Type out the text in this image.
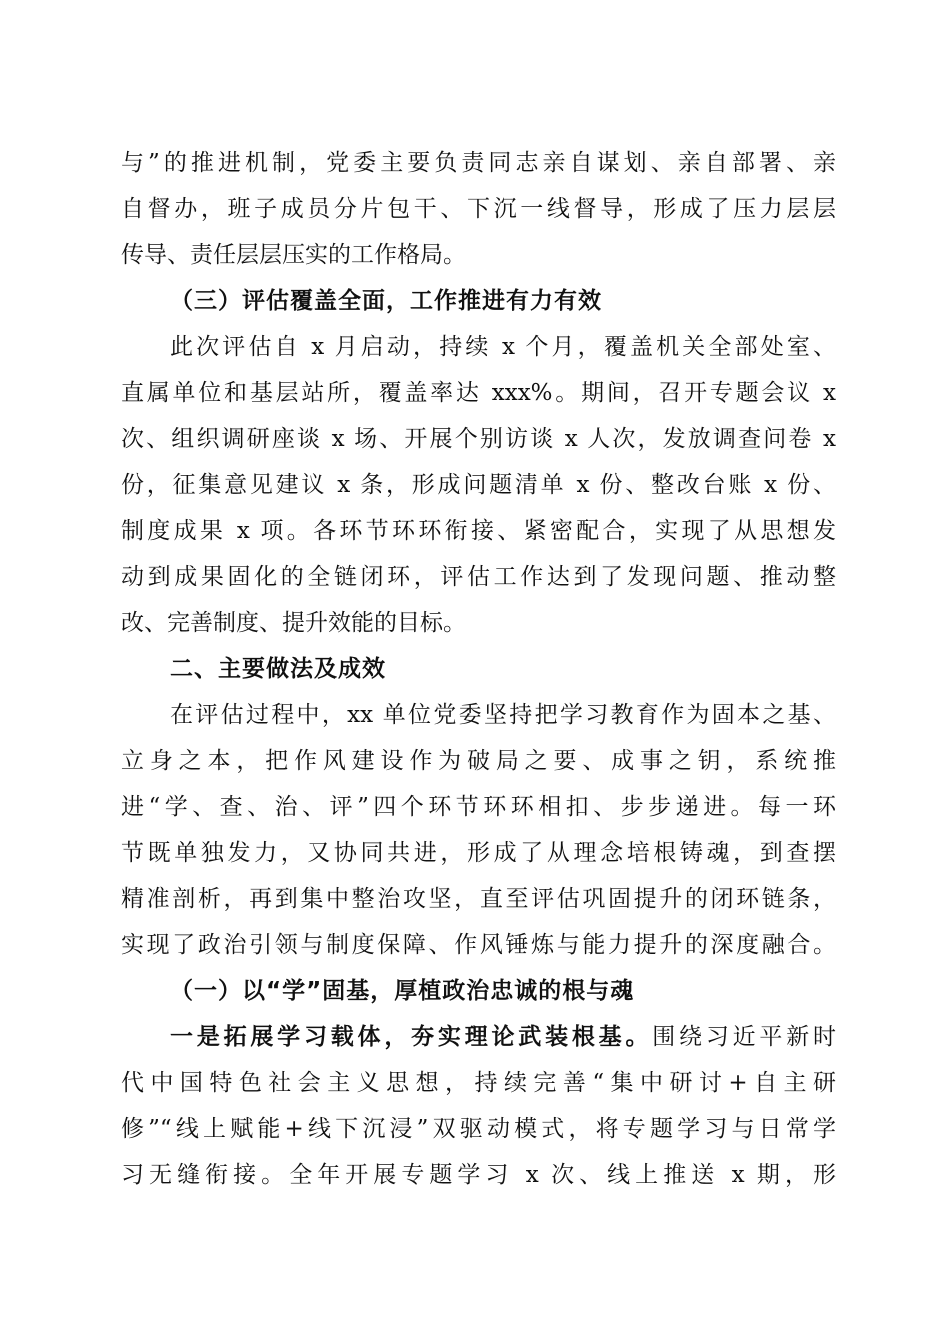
与”的推进机制，党委主要负责同志亲自谋划、亲自部署、亲
自督办，班子成员分片包干、下沉一线督导，形成了压力层层
传导、责任层层压实的工作格局。
（三）评估覆盖全面，工作推进有力有效
此次评估自 x 月启动，持续 x 个月，覆盖机关全部处室、
直属单位和基层站所，覆盖率达 xxx%。期间，召开专题会议 x
次、组织调研座谈 x 场、开展个别访谈 x 人次，发放调查问卷 x
份，征集意见建议 x 条，形成问题清单 x 份、整改台账 x 份、
制度成果 x 项。各环节环环衔接、紧密配合，实现了从思想发
动到成果固化的全链闭环，评估工作达到了发现问题、推动整
改、完善制度、提升效能的目标。
二、主要做法及成效
在评估过程中，xx 单位党委坚持把学习教育作为固本之基、
立身之本，把作风建设作为破局之要、成事之钥，系统推
进“学、查、治、评”四个环节环环相扣、步步递进。每一环
节既单独发力，又协同共进，形成了从理念培根铸魂，到查摆
精准剖析，再到集中整治攻坚，直至评估巩固提升的闭环链条，
实现了政治引领与制度保障、作风锤炼与能力提升的深度融合。
（一）以“学”固基，厚植政治忠诚的根与魂
一是拓展学习载体，夯实理论武装根基。围绕习近平新时
代中国特色社会主义思想，持续完善“集中研讨+自主研
修”“线上赋能+线下沉浸”双驱动模式，将专题学习与日常学
习无缝衔接。全年开展专题学习 x 次、线上推送 x 期，形
